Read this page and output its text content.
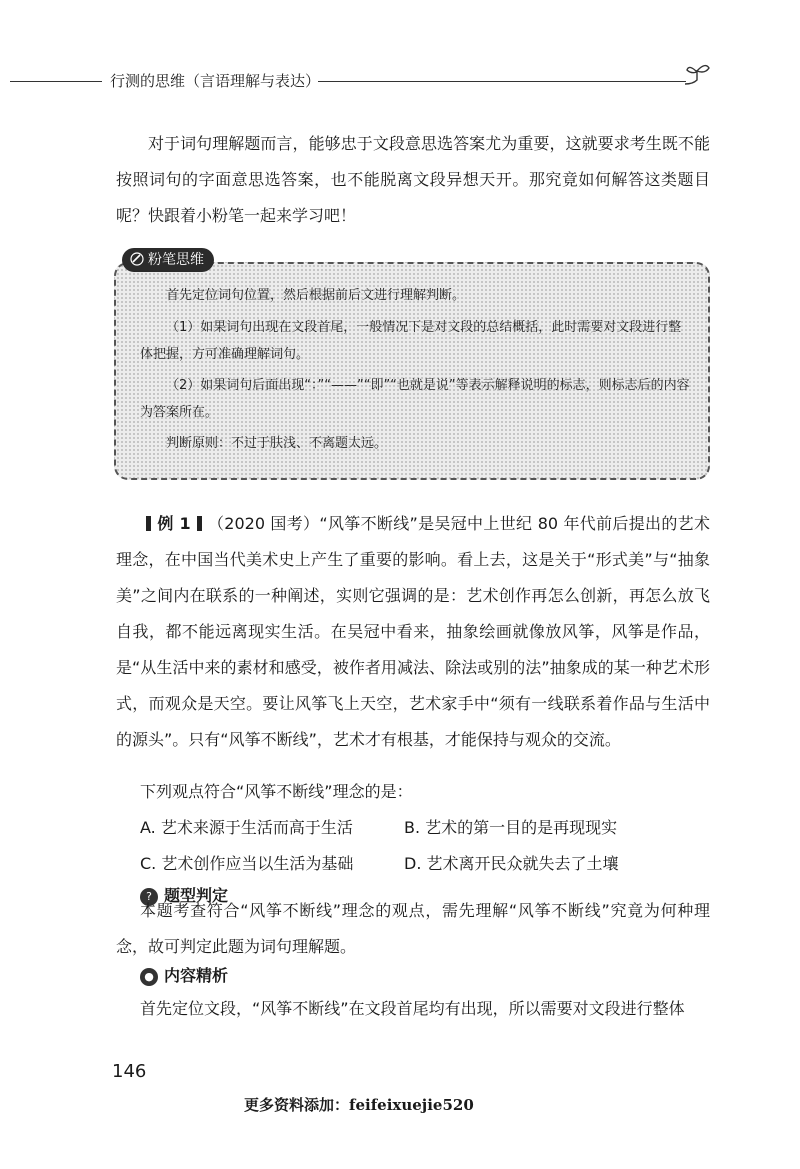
行测的思维（言语理解与表达）
对于词句理解题而言，能够忠于文段意思选答案尤为重要，这就要求考生既不能按照词句的字面意思选答案，也不能脱离文段异想天开。那究竟如何解答这类题目呢？快跟着小粉笔一起来学习吧！
粉笔思维
首先定位词句位置，然后根据前后文进行理解判断。
（1）如果词句出现在文段首尾，一般情况下是对文段的总结概括，此时需要对文段进行整体把握，方可准确理解词句。
（2）如果词句后面出现“：”“——”“即”“也就是说”等表示解释说明的标志，则标志后的内容为答案所在。
判断原则：不过于肤浅、不离题太远。
例 1 （2020 国考）“风筝不断线”是吴冠中上世纪 80 年代前后提出的艺术理念，在中国当代美术史上产生了重要的影响。看上去，这是关于“形式美”与“抽象美”之间内在联系的一种阐述，实则它强调的是：艺术创作再怎么创新，再怎么放飞自我，都不能远离现实生活。在吴冠中看来，抽象绘画就像放风筝，风筝是作品，是“从生活中来的素材和感受，被作者用减法、除法或别的法”抽象成的某一种艺术形式，而观众是天空。要让风筝飞上天空，艺术家手中“须有一线联系着作品与生活中的源头”。只有“风筝不断线”，艺术才有根基，才能保持与观众的交流。
下列观点符合“风筝不断线”理念的是：
A. 艺术来源于生活而高于生活	B. 艺术的第一目的是再现现实
C. 艺术创作应当以生活为基础	D. 艺术离开民众就失去了土壤
? 题型判定
本题考查符合“风筝不断线”理念的观点，需先理解“风筝不断线”究竟为何种理念，故可判定此题为词句理解题。
● 内容精析
首先定位文段，“风筝不断线”在文段首尾均有出现，所以需要对文段进行整体
146
更多资料添加：feifeixuejie520
